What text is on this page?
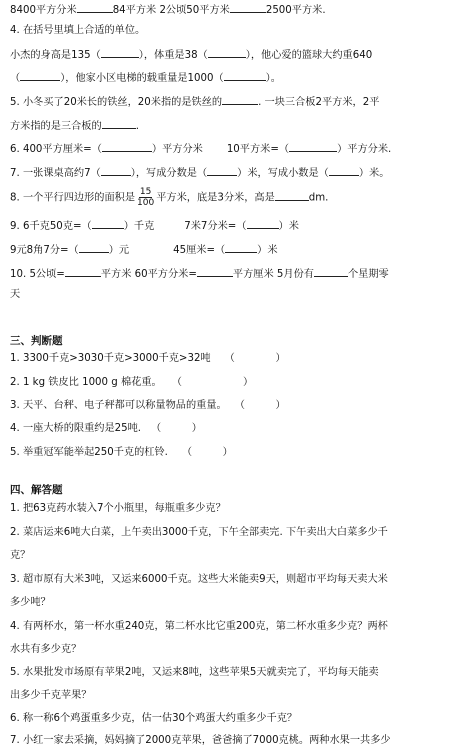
8400平方分米	84平方米 2公顷50平方米	2500平方米.
4. 在括号里填上合适的单位。
小杰的身高是135（	），体重是38（	），他心爱的篮球大约重640
（	），他家小区电梯的载重量是1000（	）。
5. 小冬买了20米长的铁丝，20米指的是铁丝的	. 一块三合板2平方米，2平
方米指的是三合板的	.
6. 400平方厘米=（	）平方分米 10平方米=（	）平方分米.
7. 一张课桌高约7（	），写成分数是（	）米，写成小数是（	）米。
8. 一个平行四边形的面积是 $\frac{15}{100}$ 平方米，底是3分米，高是	dm.
9. 6千克50克=（	）千克	7米7分米=（	）米
9元8角7分=（	）元	45厘米=（	）米
10. 5公顷=	平方米 60平方分米=	平方厘米 5月份有	个星期零
天
三、判断题
1. 3300千克>3030千克>3000千克>32吨 （　　　　）
2. 1 kg 铁皮比 1000 g 棉花重。 （　　　　　　）
3. 天平、台秤、电子秤都可以称量物品的重量。 （　　　）
4. 一座大桥的限重约是25吨. （　　　）
5. 举重冠军能举起250千克的杠铃. （　　　）
四、解答题
1. 把63克药水装入7个小瓶里，每瓶重多少克？
2. 菜店运来6吨大白菜，上午卖出3000千克，下午全部卖完. 下午卖出大白菜多少千
克？
3. 超市原有大米3吨，又运来6000千克。这些大米能卖9天，则超市平均每天卖大米
多少吨？
4. 有两杯水，第一杯水重240克，第二杯水比它重200克，第二杯水重多少克？两杯
水共有多少克？
5. 水果批发市场原有苹果2吨，又运来8吨，这些苹果5天就卖完了，平均每天能卖
出多少千克苹果？
6. 称一称6个鸡蛋重多少克，估一估30个鸡蛋大约重多少千克？
7. 小红一家去采摘，妈妈摘了2000克苹果，爸爸摘了7000克桃。两种水果一共多少
